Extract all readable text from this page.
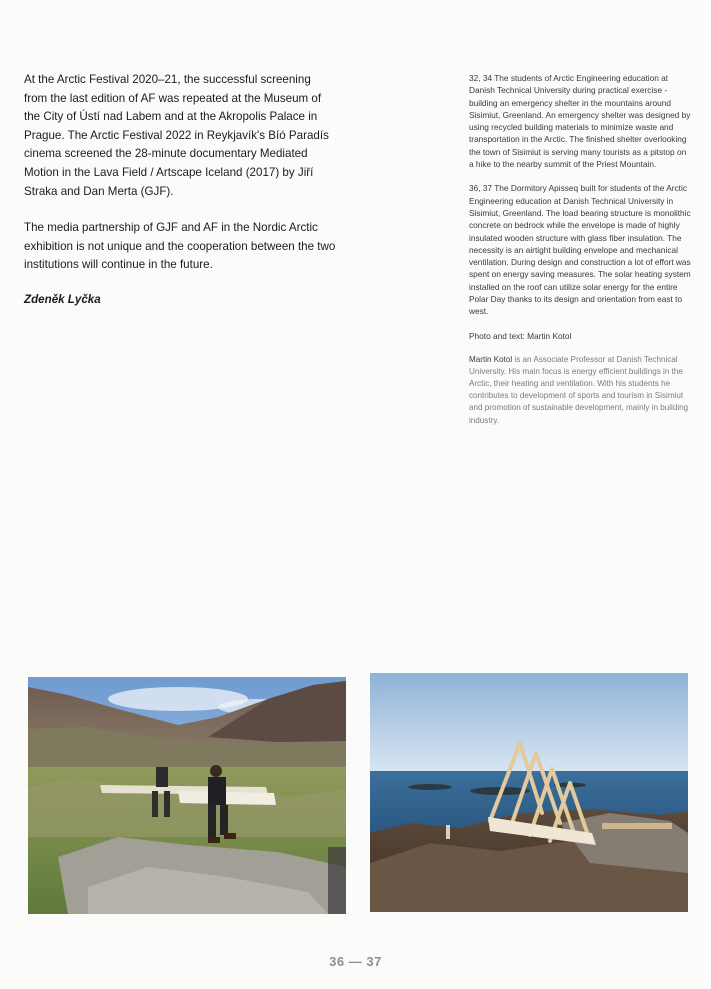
At the Arctic Festival 2020–21, the successful screening from the last edition of AF was repeated at the Museum of the City of Ústí nad Labem and at the Akropolis Palace in Prague. The Arctic Festival 2022 in Reykjavík's Bíó Paradís cinema screened the 28-minute documentary Mediated Motion in the Lava Field / Artscape Iceland (2017) by Jiří Straka and Dan Merta (GJF).

The media partnership of GJF and AF in the Nordic Arctic exhibition is not unique and the cooperation between the two institutions will continue in the future.

Zdeněk Lyčka

32, 34 The students of Arctic Engineering education at Danish Technical University during practical exercise - building an emergency shelter in the mountains around Sisimiut, Greenland. An emergency shelter was designed by using recycled building materials to minimize waste and transportation in the Arctic. The finished shelter overlooking the town of Sisimiut is serving many tourists as a pitstop on a hike to the nearby summit of the Priest Mountain.

36, 37 The Dormitory Apisseq built for students of the Arctic Engineering education at Danish Technical University in Sisimiut, Greenland. The load bearing structure is monolithic concrete on bedrock while the envelope is made of highly insulated wooden structure with glass fiber insulation. The necessity is an airtight building envelope and mechanical ventilation. During design and construction a lot of effort was spent on energy saving measures. The solar heating system installed on the roof can utilize solar energy for the entire Polar Day thanks to its design and orientation from east to west.

Photo and text: Martin Kotol

Martin Kotol is an Associate Professor at Danish Technical University. His main focus is energy efficient buildings in the Arctic, their heating and ventilation. With his students he contributes to development of sports and tourism in Sisimiut and promotion of sustainable development, mainly in building industry.

36 — 37
